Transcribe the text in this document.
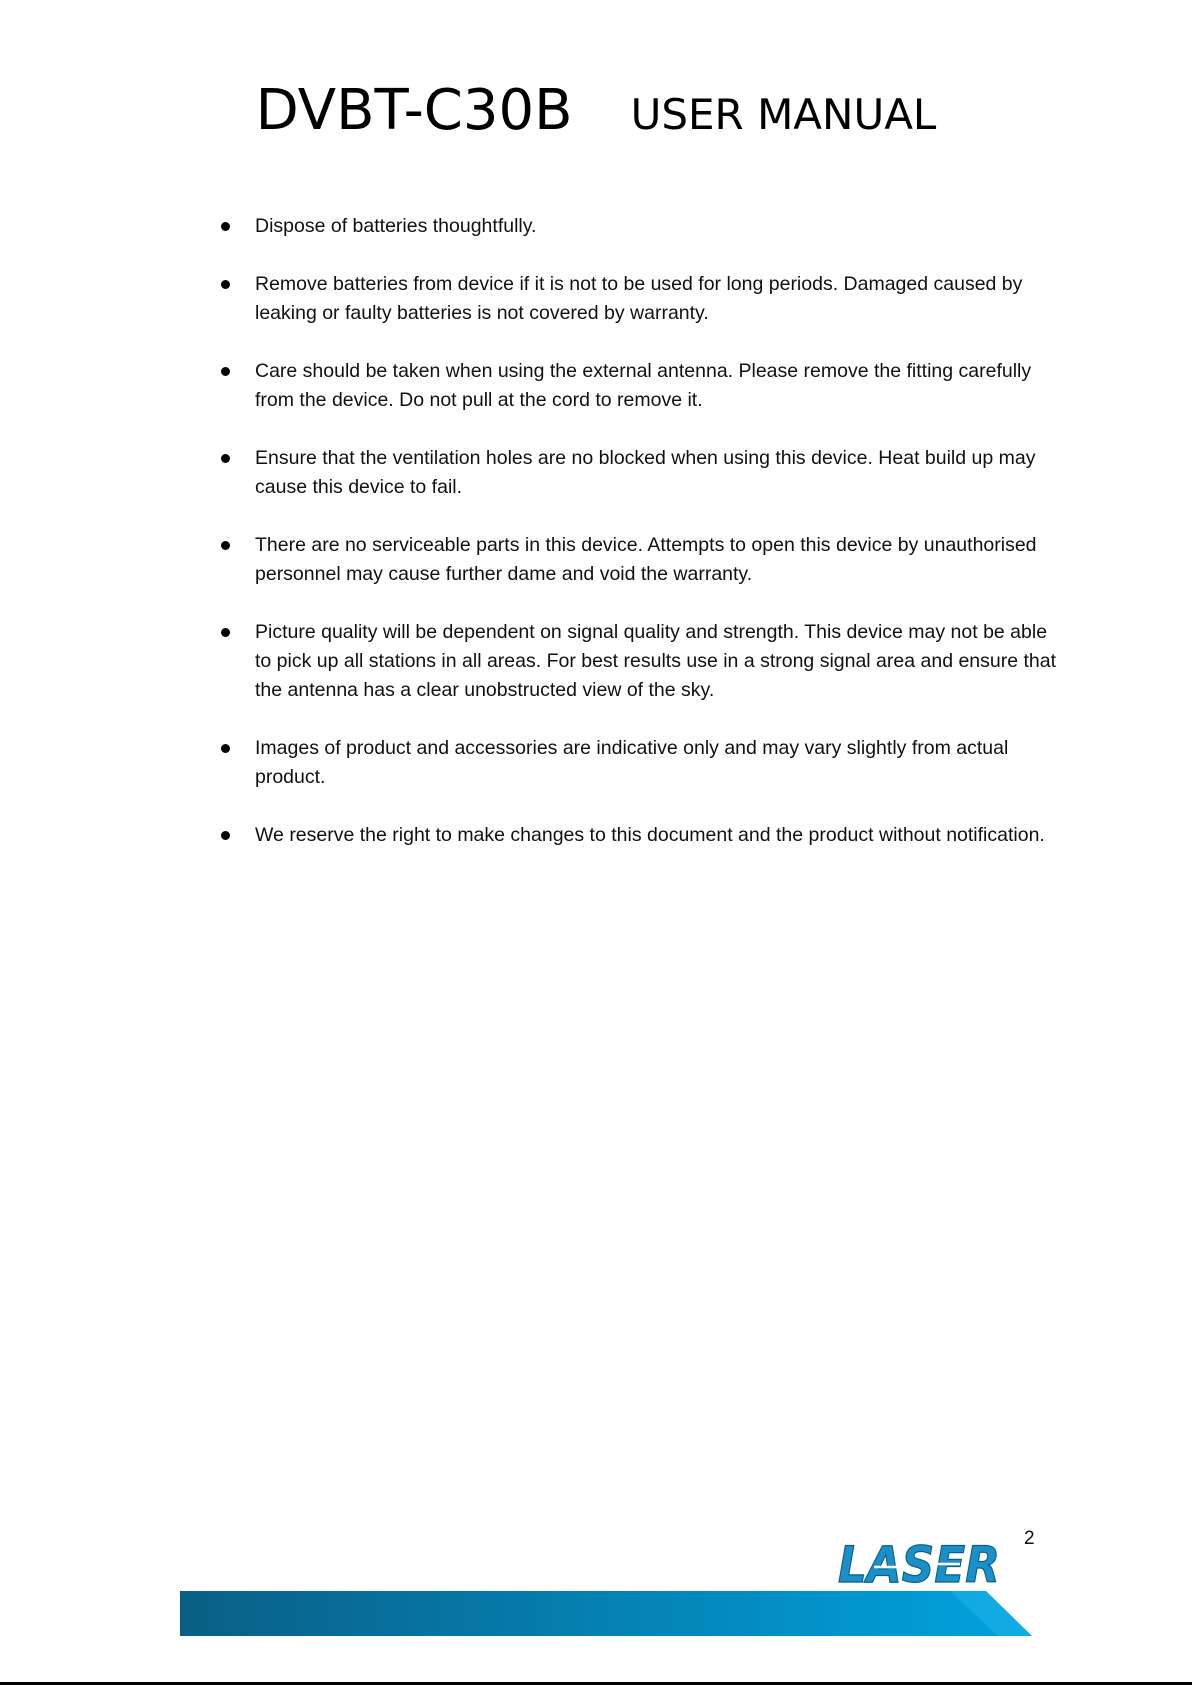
DVBT-C30B USER MANUAL
Dispose of batteries thoughtfully.
Remove batteries from device if it is not to be used for long periods. Damaged caused by leaking or faulty batteries is not covered by warranty.
Care should be taken when using the external antenna. Please remove the fitting carefully from the device. Do not pull at the cord to remove it.
Ensure that the ventilation holes are no blocked when using this device. Heat build up may cause this device to fail.
There are no serviceable parts in this device. Attempts to open this device by unauthorised personnel may cause further dame and void the warranty.
Picture quality will be dependent on signal quality and strength. This device may not be able to pick up all stations in all areas. For best results use in a strong signal area and ensure that the antenna has a clear unobstructed view of the sky.
Images of product and accessories are indicative only and may vary slightly from actual product.
We reserve the right to make changes to this document and the product without notification.
2
LASER
